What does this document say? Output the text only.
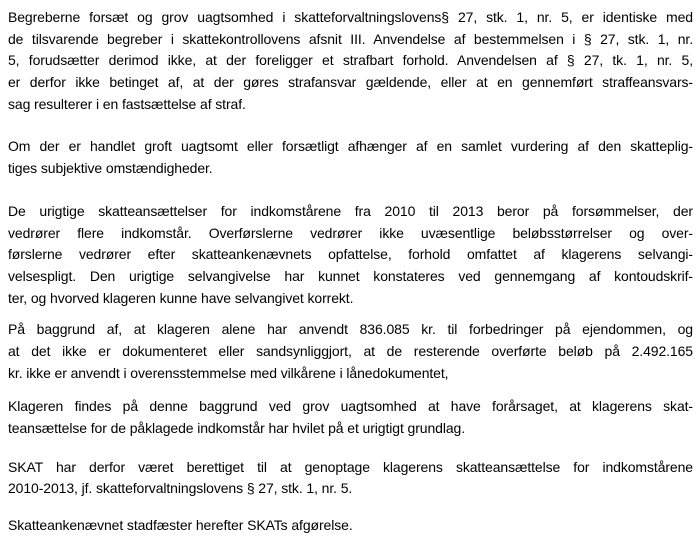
Begreberne forsæt og grov uagtsomhed i skatteforvaltningslovens§ 27, stk. 1, nr. 5, er identiske med
de tilsvarende begreber i skattekontrollovens afsnit III. Anvendelse af bestemmelsen i § 27, stk. 1, nr.
5, forudsætter derimod ikke, at der foreligger et strafbart forhold. Anvendelsen af § 27, tk. 1, nr. 5,
er derfor ikke betinget af, at der gøres strafansvar gældende, eller at en gennemført straffeansvars-
sag resulterer i en fastsættelse af straf.
Om der er handlet groft uagtsomt eller forsætligt afhænger af en samlet vurdering af den skatteplig-
tiges subjektive omstændigheder.
De urigtige skatteansættelser for indkomstårene fra 2010 til 2013 beror på forsømmelser, der
vedrører flere indkomstår. Overførslerne vedrører ikke uvæsentlige beløbsstørrelser og over-
førslerne vedrører efter skatteankenævnets opfattelse, forhold omfattet af klagerens selvangi-
velsespligt. Den urigtige selvangivelse har kunnet konstateres ved gennemgang af kontoudskrif-
ter, og hvorved klageren kunne have selvangivet korrekt.
På baggrund af, at klageren alene har anvendt 836.085 kr. til forbedringer på ejendommen, og
at det ikke er dokumenteret eller sandsynliggjort, at de resterende overførte beløb på 2.492.165
kr. ikke er anvendt i overensstemmelse med vilkårene i lånedokumentet,
Klageren findes på denne baggrund ved grov uagtsomhed at have forårsaget, at klagerens skat-
teansættelse for de påklagede indkomstår har hvilet på et urigtigt grundlag.
SKAT har derfor været berettiget til at genoptage klagerens skatteansættelse for indkomstårene
2010-2013, jf. skatteforvaltningslovens § 27, stk. 1, nr. 5.
Skatteankenævnet stadfæster herefter SKATs afgørelse.
